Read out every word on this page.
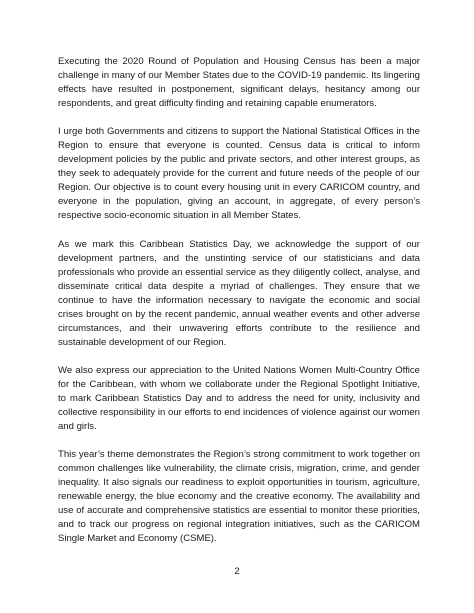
Executing the 2020 Round of Population and Housing Census has been a major challenge in many of our Member States due to the COVID-19 pandemic. Its lingering effects have resulted in postponement, significant delays, hesitancy among our respondents, and great difficulty finding and retaining capable enumerators.

I urge both Governments and citizens to support the National Statistical Offices in the Region to ensure that everyone is counted. Census data is critical to inform development policies by the public and private sectors, and other interest groups, as they seek to adequately provide for the current and future needs of the people of our Region. Our objective is to count every housing unit in every CARICOM country, and everyone in the population, giving an account, in aggregate, of every person’s respective socio-economic situation in all Member States.

As we mark this Caribbean Statistics Day, we acknowledge the support of our development partners, and the unstinting service of our statisticians and data professionals who provide an essential service as they diligently collect, analyse, and disseminate critical data despite a myriad of challenges. They ensure that we continue to have the information necessary to navigate the economic and social crises brought on by the recent pandemic, annual weather events and other adverse circumstances, and their unwavering efforts contribute to the resilience and sustainable development of our Region.

We also express our appreciation to the United Nations Women Multi-Country Office for the Caribbean, with whom we collaborate under the Regional Spotlight Initiative, to mark Caribbean Statistics Day and to address the need for unity, inclusivity and collective responsibility in our efforts to end incidences of violence against our women and girls.

This year’s theme demonstrates the Region’s strong commitment to work together on common challenges like vulnerability, the climate crisis, migration, crime, and gender inequality. It also signals our readiness to exploit opportunities in tourism, agriculture, renewable energy, the blue economy and the creative economy. The availability and use of accurate and comprehensive statistics are essential to monitor these priorities, and to track our progress on regional integration initiatives, such as the CARICOM Single Market and Economy (CSME).

2
